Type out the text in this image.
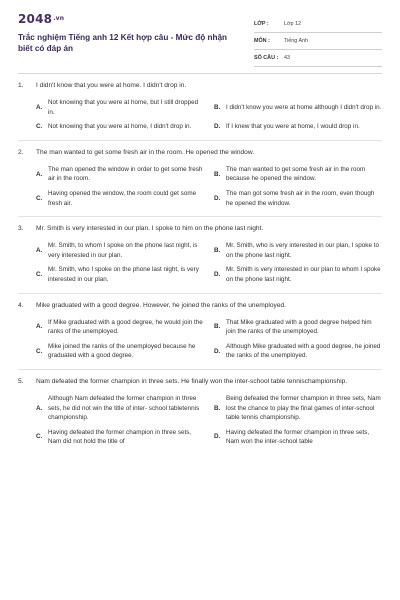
2048.vn
Trắc nghiệm Tiếng anh 12 Kết hợp câu - Mức độ nhận biết có đáp án
LỚP :	Lớp 12
MÔN :	Tiếng Anh
SỐ CÂU :	43
1.	I didn't know that you were at home. I didn't drop in.
A.
Not knowing that you were at home, but I still dropped in.
B. I didn't know you were at home although I didn't drop in.
C. Not knowing that you were at home, I didn't drop in.	D. If I knew that you were at home, I would drop in.
2.	The man wanted to get some fresh air in the room. He opened the window.
A.
The man opened the window in order to get some fresh air in the room.
B.
The man wanted to get some fresh air in the room because he opened the window.
C.
Having opened the window, the room could get some fresh air.
D.
The man got some fresh air in the room, even though he opened the window.
3.	Mr. Smith is very interested in our plan. I spoke to him on the phone last night.
A.
Mr. Smith, to whom I spoke on the phone last night, is very interested in our plan.
B.
Mr. Smith, who is very interested in our plan, I spoke to on the phone last night.
C.
Mr. Smith, who I spoke on the phone last night, is very interested in our plan.
D.
Mr. Smith is very interested in our plan to whom I spoke on the phone last night.
4.	Mike graduated with a good degree. However, he joined the ranks of the unemployed.
A.
If Mike graduated with a good degree, he would join the ranks of the unemployed.
B.
That Mike graduated with a good degree helped him join the ranks of the unemployed.
C.
Mike joined the ranks of the unemployed because he graduated with a good degree.
D.
Although Mike graduated with a good degree, he joined the ranks of the unemployed.
5.	Nam defeated the former champion in three sets. He finally won the inter-school table tennischampionship.
A.
Although Nam defeated the former champion in three sets, he did not win the title of inter- school tabletennis championship.
B.
Being defeated the former champion in three sets, Nam lost the chance to play the final games of inter-school table tennis championship.
C.
Having defeated the former champion in three sets, Nam did not hold the title of
D.
Having defeated the former champion in three sets, Nam won the inter-school table
